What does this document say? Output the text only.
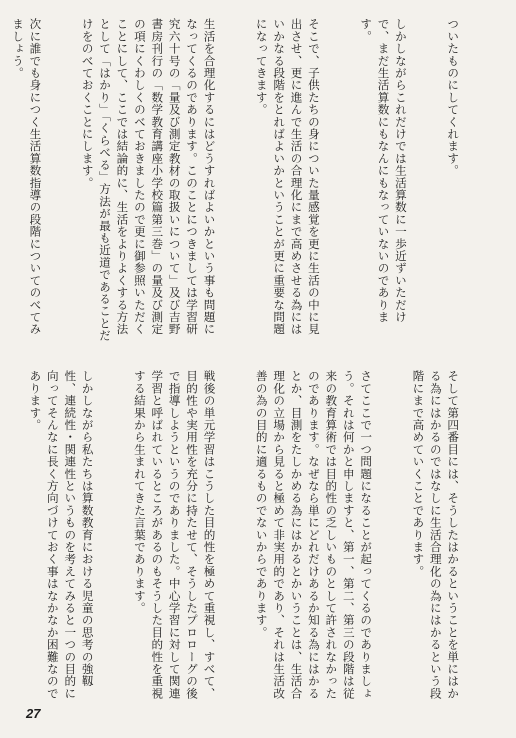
ついたものにしてくれます。

しかしながらこれだけでは生活算数に一歩近ずいただけで、まだ生活算数にもなんにもなっていないのであります。

そこで、子供たちの身についた量感覚を更に生活の中に見出させ、更に進んで生活の合理化にまで高めさせる為にはいかなる段階をとればよいかということが更に重要な問題になってきます。

生活を合理化するにはどうすればよいかという事も問題になってくるのであります。このことにつきましては学習研究六十号の「量及び測定教材の取扱いについて」及び吉野書房刊行の「数学教育講座小学校篇第三巻」の量及び測定の項にくわしくのべておきましたので更に御参照いただくことにして、ここでは結論的に、生活をよりよくする方法として「はかり」「くらべる」方法が最も近道であることだけをのべておくことにします。

次に誰でも身につく生活算数指導の段階についてのべてみましょう。

そして第四番目には、そうしたはかるということを単にはかる為にはかるのではなしに生活合理化の為にはかるという段階にまで高めていくことであります。

さてここで一つ問題になることが起ってくるのでありましょう。それは何かと申しますと、第一、第二、第三の段階は従来の教育算術では目的性の乏しいものとして許されなかったのであります。なぜなら単にどれだけあるか知る為にはかるとか、目測をたしかめる為にはかるとかいうことは、生活合理化の立場から見ると極めて非実用的であり、それは生活改善の為の目的に適るものでないからであります。

戦後の単元学習はこうした目的性を極めて重視し、すべて、目的性や実用性を充分に持たせて、そうしたプロローグの後で指導しようというのでありました。中心学習に対して関連学習と呼ばれているところがあるのもそうした目的性を重視する結果から生まれてきた言葉であります。

しかしながら私たちは算数教育における児童の思考の強靱性、連続性・関連性というものを考えてみると一つの目的に向ってそんなに長く方向づけておく事はなかなか困難なのであります。

27
